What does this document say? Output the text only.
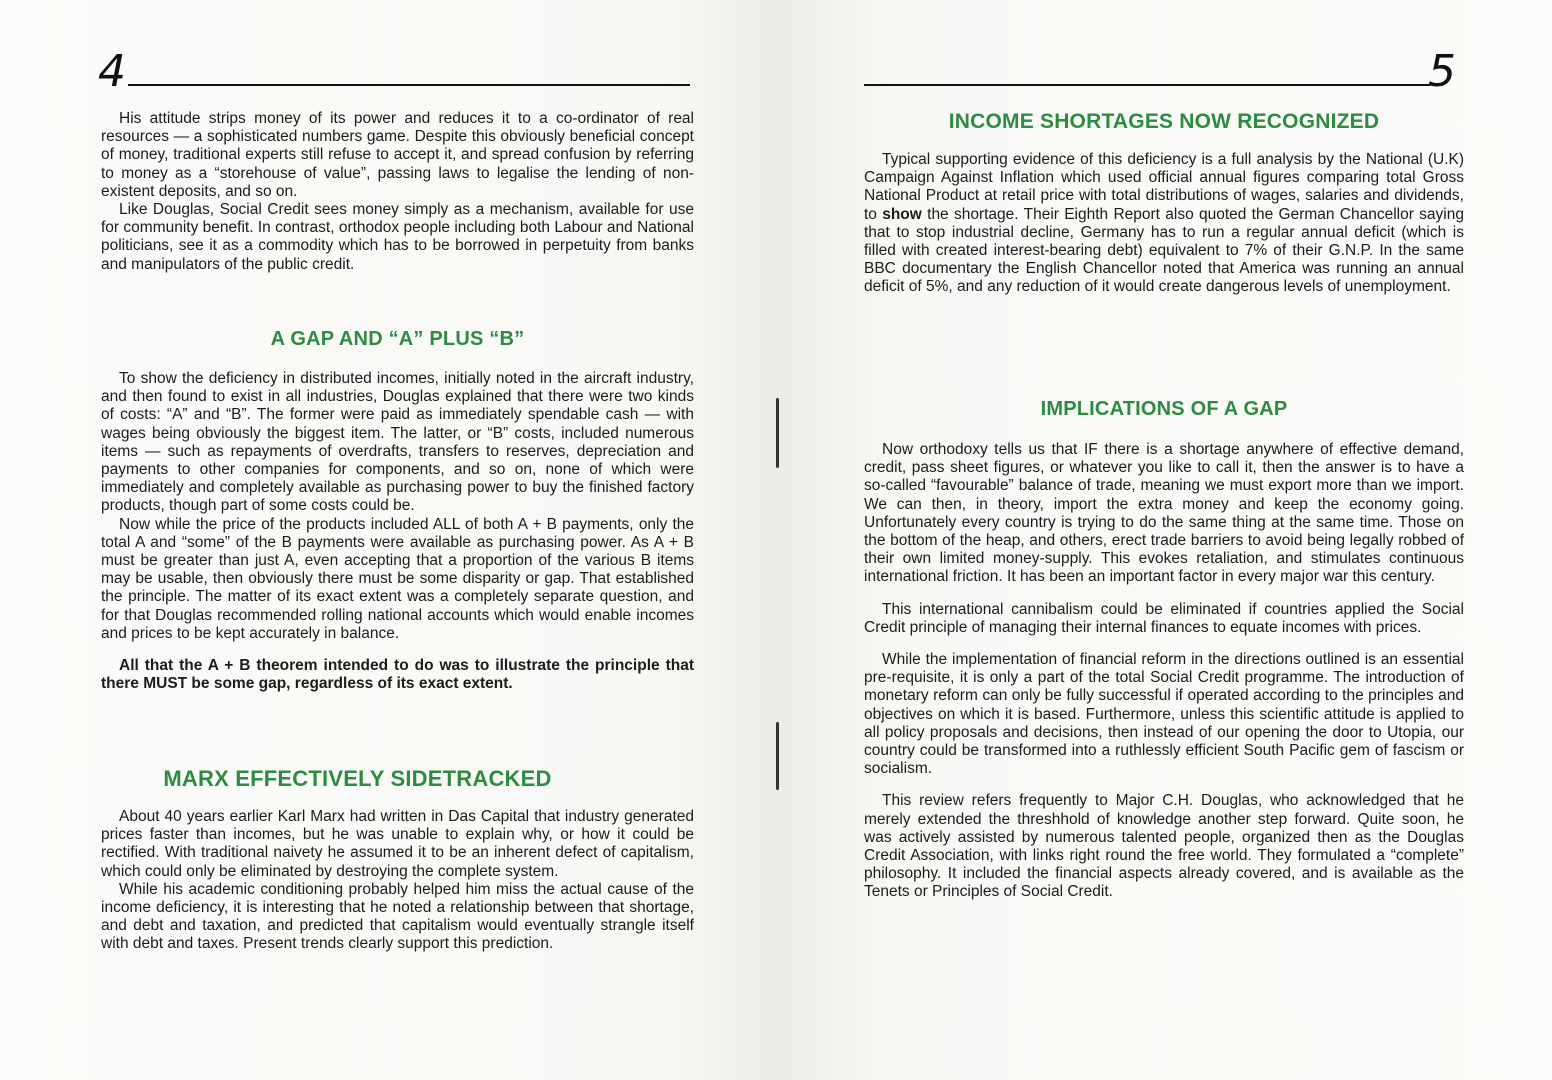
4

His attitude strips money of its power and reduces it to a co-ordinator of real resources — a sophisticated numbers game. Despite this obviously beneficial concept of money, traditional experts still refuse to accept it, and spread confusion by referring to money as a “storehouse of value”, passing laws to legalise the lending of non-existent deposits, and so on.

Like Douglas, Social Credit sees money simply as a mechanism, available for use for community benefit. In contrast, orthodox people including both Labour and National politicians, see it as a commodity which has to be borrowed in perpetuity from banks and manipulators of the public credit.

A GAP AND “A” PLUS “B”

To show the deficiency in distributed incomes, initially noted in the aircraft industry, and then found to exist in all industries, Douglas explained that there were two kinds of costs: “A” and “B”. The former were paid as immediately spendable cash — with wages being obviously the biggest item. The latter, or “B” costs, included numerous items — such as repayments of overdrafts, transfers to reserves, depreciation and payments to other companies for components, and so on, none of which were immediately and completely available as purchasing power to buy the finished factory products, though part of some costs could be.

Now while the price of the products included ALL of both A + B payments, only the total A and “some” of the B payments were available as purchasing power. As A + B must be greater than just A, even accepting that a proportion of the various B items may be usable, then obviously there must be some disparity or gap. That established the principle. The matter of its exact extent was a completely separate question, and for that Douglas recommended rolling national accounts which would enable incomes and prices to be kept accurately in balance.

All that the A + B theorem intended to do was to illustrate the principle that there MUST be some gap, regardless of its exact extent.

MARX EFFECTIVELY SIDETRACKED

About 40 years earlier Karl Marx had written in Das Capital that industry generated prices faster than incomes, but he was unable to explain why, or how it could be rectified. With traditional naivety he assumed it to be an inherent defect of capitalism, which could only be eliminated by destroying the complete system.

While his academic conditioning probably helped him miss the actual cause of the income deficiency, it is interesting that he noted a relationship between that shortage, and debt and taxation, and predicted that capitalism would eventually strangle itself with debt and taxes. Present trends clearly support this prediction.

5
INCOME SHORTAGES NOW RECOGNIZED

Typical supporting evidence of this deficiency is a full analysis by the National (U.K) Campaign Against Inflation which used official annual figures comparing total Gross National Product at retail price with total distributions of wages, salaries and dividends, to show the shortage. Their Eighth Report also quoted the German Chancellor saying that to stop industrial decline, Germany has to run a regular annual deficit (which is filled with created interest-bearing debt) equivalent to 7% of their G.N.P. In the same BBC documentary the English Chancellor noted that America was running an annual deficit of 5%, and any reduction of it would create dangerous levels of unemployment.

IMPLICATIONS OF A GAP

Now orthodoxy tells us that IF there is a shortage anywhere of effective demand, credit, pass sheet figures, or whatever you like to call it, then the answer is to have a so-called “favourable” balance of trade, meaning we must export more than we import. We can then, in theory, import the extra money and keep the economy going. Unfortunately every country is trying to do the same thing at the same time. Those on the bottom of the heap, and others, erect trade barriers to avoid being legally robbed of their own limited money-supply. This evokes retaliation, and stimulates continuous international friction. It has been an important factor in every major war this century.

This international cannibalism could be eliminated if countries applied the Social Credit principle of managing their internal finances to equate incomes with prices.

While the implementation of financial reform in the directions outlined is an essential pre-requisite, it is only a part of the total Social Credit programme. The introduction of monetary reform can only be fully successful if operated according to the principles and objectives on which it is based. Furthermore, unless this scientific attitude is applied to all policy proposals and decisions, then instead of our opening the door to Utopia, our country could be transformed into a ruthlessly efficient South Pacific gem of fascism or socialism.

This review refers frequently to Major C.H. Douglas, who acknowledged that he merely extended the threshhold of knowledge another step forward. Quite soon, he was actively assisted by numerous talented people, organized then as the Douglas Credit Association, with links right round the free world. They formulated a “complete” philosophy. It included the financial aspects already covered, and is available as the Tenets or Principles of Social Credit.
